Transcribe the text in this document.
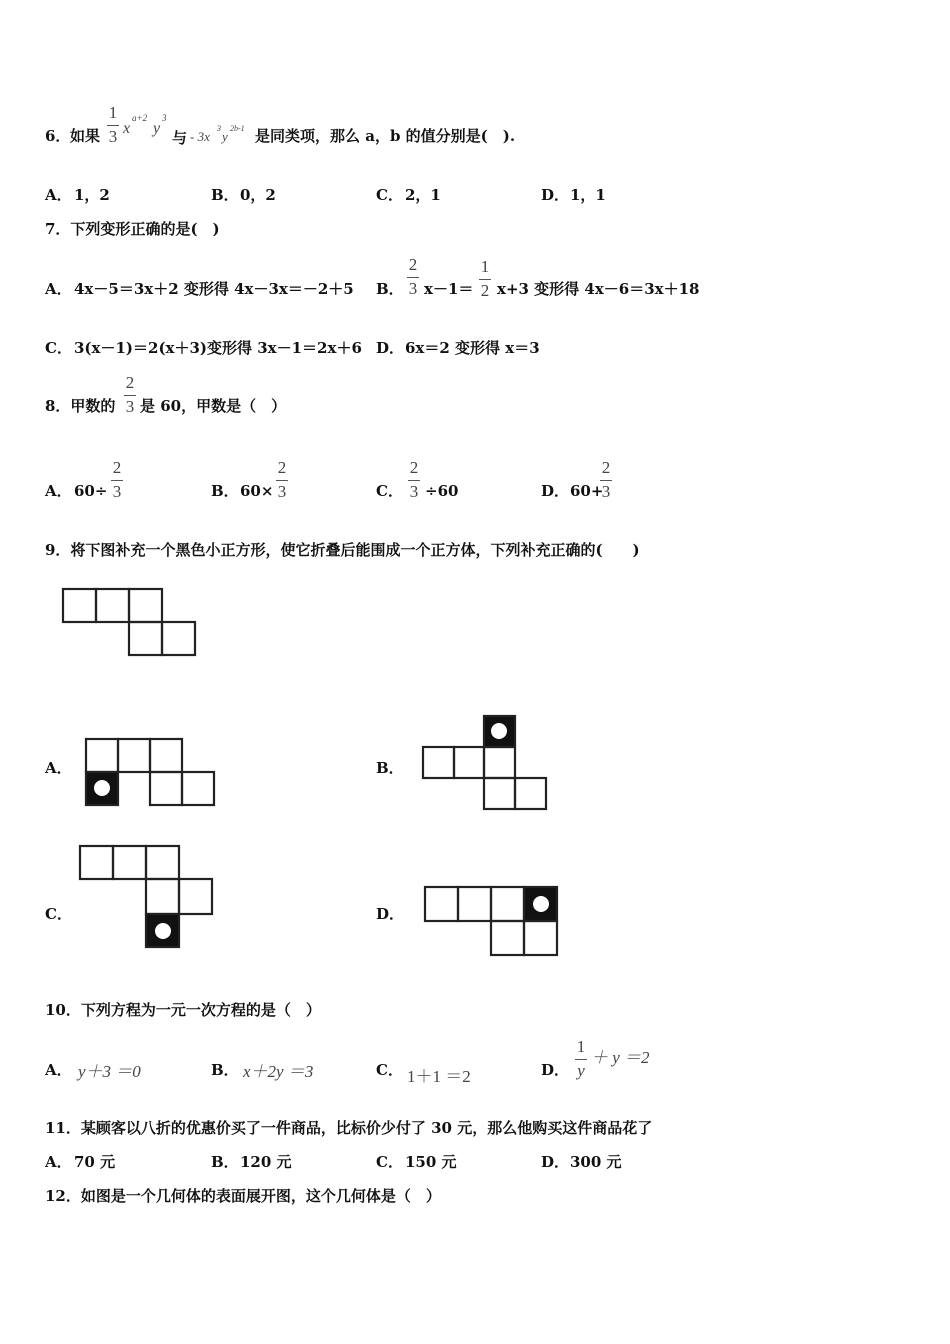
6． 如果
1
3 x
a+2
y
3
与 - 3x
3
y
2b-1 是同类项，那么 a，b 的值分别是(　).
A． 1，2	B． 0，2	C． 2，1	D． 1，1
7．下列变形正确的是(　)
A． 4x－5＝3x＋2 变形得 4x－3x＝－2＋5 B．
2
3 x－1＝
1
2 x+3 变形得 4x－6＝3x＋18
C． 3(x－1)＝2(x＋3)变形得 3x－1＝2x＋6 D． 6x＝2 变形得 x＝3
8．甲数的
2
3 是 60，甲数是（　）
A． 60÷
2
3	B． 60×
2
3	C．
2
3 ÷60	D． 60+
2
3
9．将下图补充一个黑色小正方形，使它折叠后能围成一个正方体，下列补充正确的(　　)
A．	B．
C．	D．
10．下列方程为一元一次方程的是（　）
A． y＋3 ＝0	B． x＋2y ＝3	C． 1＋1 ＝2	D．
1
y
＋ y ＝2
11．某顾客以八折的优惠价买了一件商品，比标价少付了 30 元，那么他购买这件商品花了
A． 70 元	B． 120 元	C． 150 元	D． 300 元
12．如图是一个几何体的表面展开图，这个几何体是（　）
